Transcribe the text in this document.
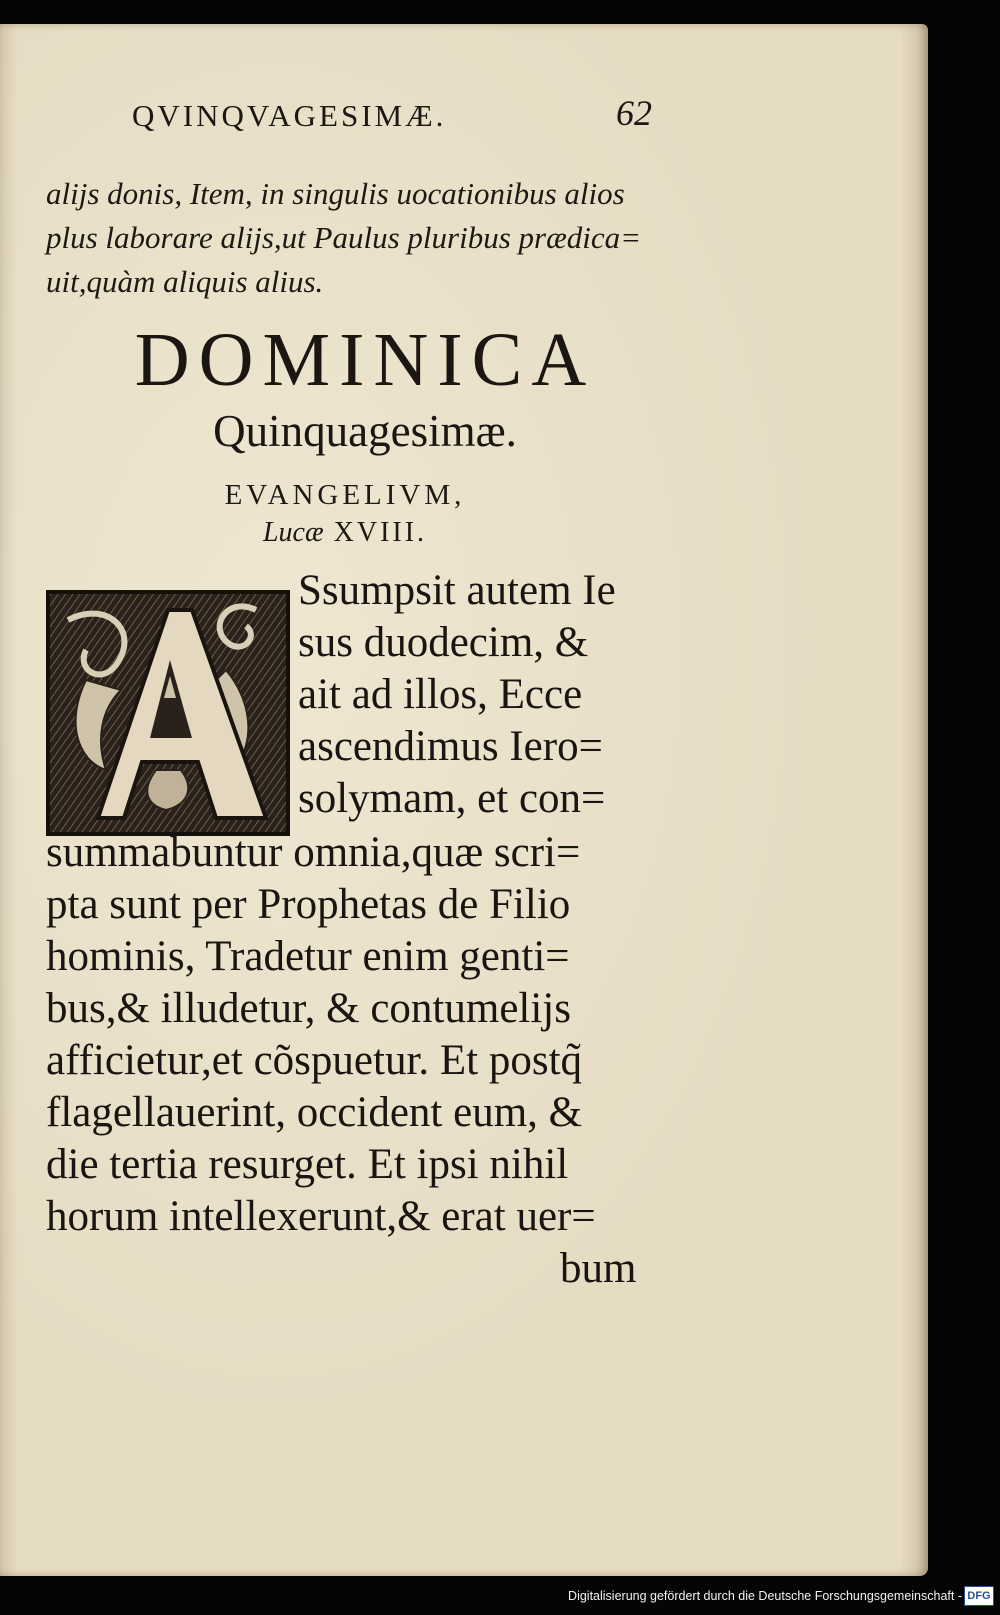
QVINQVAGESIMÆ.	62
alijs donis, Item, in singulis uocationibus alios
plus laborare alijs,ut Paulus pluribus prædica=
uit,quàm aliquis alius.
DOMINICA
Quinquagesimæ.
EVANGELIVM,
Lucæ XVIII.
Ssumpsit autem Ie
sus duodecim, &
ait ad illos, Ecce
ascendimus Iero=
solymam, et con=
summabuntur omnia,quæ scri=
pta sunt per Prophetas de Filio
hominis, Tradetur enim genti=
bus,& illudetur, & contumelijs
afficietur,et cõspuetur. Et postq̃
flagellauerint, occident eum, &
die tertia resurget. Et ipsi nihil
horum intellexerunt,& erat uer=
bum
Digitalisierung gefördert durch die Deutsche Forschungsgemeinschaft - DFG
